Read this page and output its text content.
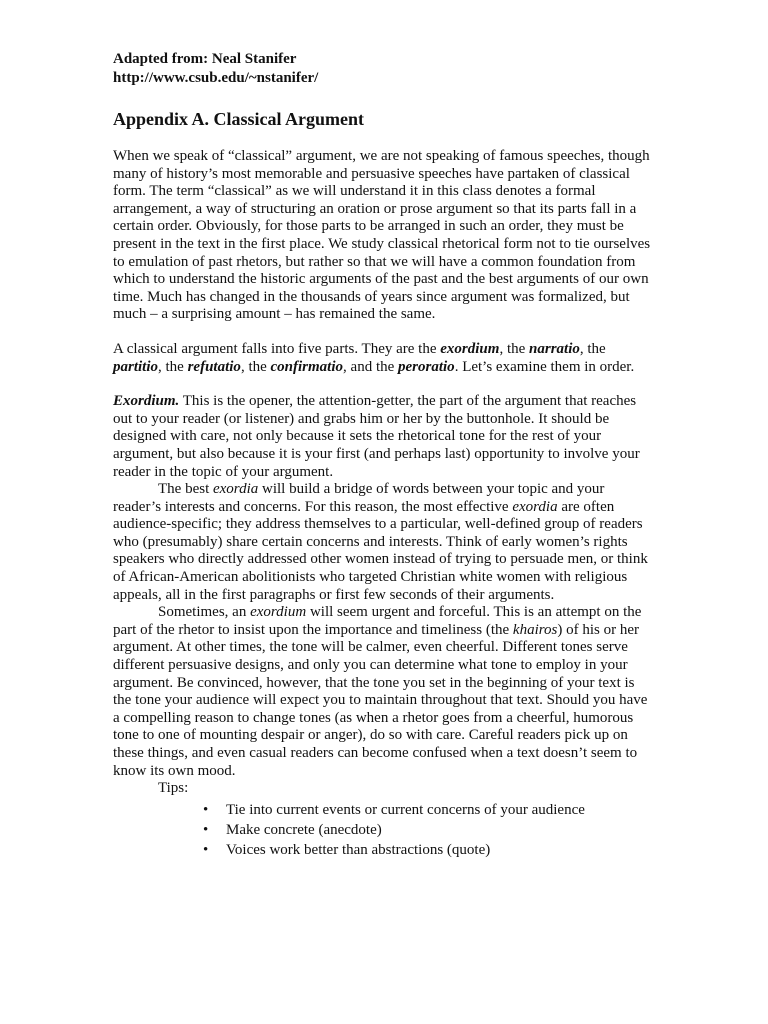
Adapted from: Neal Stanifer
http://www.csub.edu/~nstanifer/
Appendix A. Classical Argument

When we speak of “classical” argument, we are not speaking of famous speeches, though many of history’s most memorable and persuasive speeches have partaken of classical form. The term “classical” as we will understand it in this class denotes a formal arrangement, a way of structuring an oration or prose argument so that its parts fall in a certain order. Obviously, for those parts to be arranged in such an order, they must be present in the text in the first place. We study classical rhetorical form not to tie ourselves to emulation of past rhetors, but rather so that we will have a common foundation from which to understand the historic arguments of the past and the best arguments of our own time. Much has changed in the thousands of years since argument was formalized, but much – a surprising amount – has remained the same.

A classical argument falls into five parts. They are the exordium, the narratio, the partitio, the refutatio, the confirmatio, and the peroratio. Let’s examine them in order.

Exordium. This is the opener, the attention-getter, the part of the argument that reaches out to your reader (or listener) and grabs him or her by the buttonhole. It should be designed with care, not only because it sets the rhetorical tone for the rest of your argument, but also because it is your first (and perhaps last) opportunity to involve your reader in the topic of your argument.

The best exordia will build a bridge of words between your topic and your reader’s interests and concerns. For this reason, the most effective exordia are often audience-specific; they address themselves to a particular, well-defined group of readers who (presumably) share certain concerns and interests. Think of early women’s rights speakers who directly addressed other women instead of trying to persuade men, or think of African-American abolitionists who targeted Christian white women with religious appeals, all in the first paragraphs or first few seconds of their arguments.

Sometimes, an exordium will seem urgent and forceful. This is an attempt on the part of the rhetor to insist upon the importance and timeliness (the khairos) of his or her argument. At other times, the tone will be calmer, even cheerful. Different tones serve different persuasive designs, and only you can determine what tone to employ in your argument. Be convinced, however, that the tone you set in the beginning of your text is the tone your audience will expect you to maintain throughout that text. Should you have a compelling reason to change tones (as when a rhetor goes from a cheerful, humorous tone to one of mounting despair or anger), do so with care. Careful readers pick up on these things, and even casual readers can become confused when a text doesn’t seem to know its own mood.

Tips:

• Tie into current events or current concerns of your audience
• Make concrete (anecdote)
• Voices work better than abstractions (quote)
